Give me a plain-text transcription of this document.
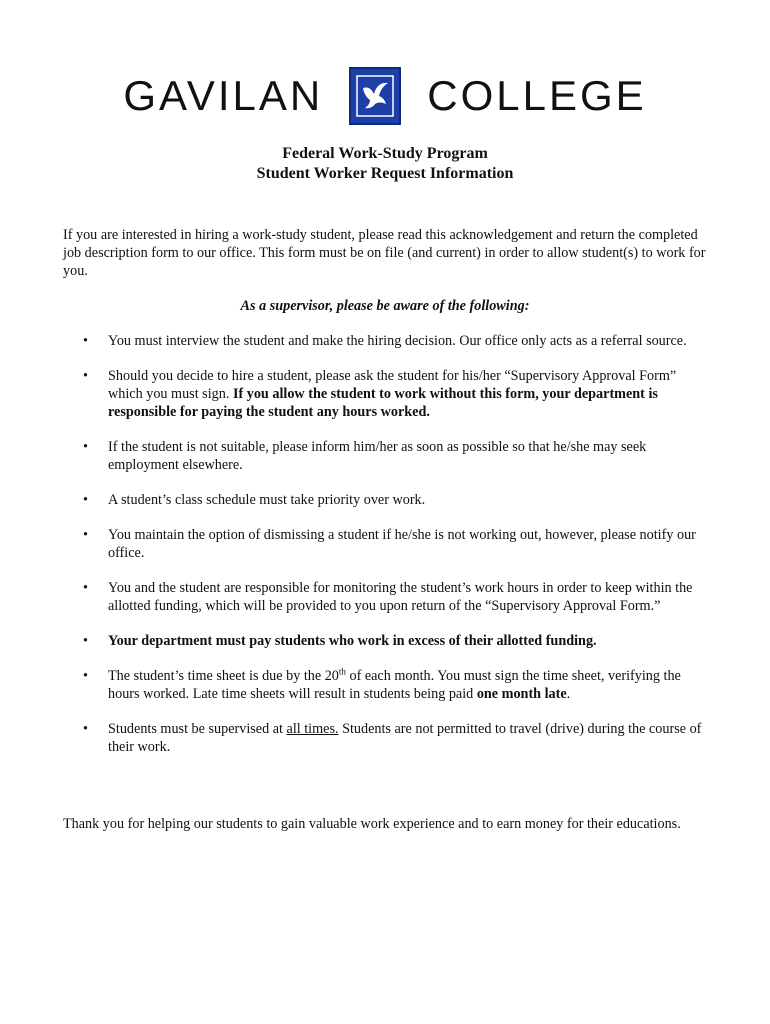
GAVILAN COLLEGE
Federal Work-Study Program
Student Worker Request Information
If you are interested in hiring a work-study student, please read this acknowledgement and return the completed job description form to our office. This form must be on file (and current) in order to allow student(s) to work for you.
As a supervisor, please be aware of the following:
• You must interview the student and make the hiring decision. Our office only acts as a referral source.
• Should you decide to hire a student, please ask the student for his/her “Supervisory Approval Form” which you must sign. If you allow the student to work without this form, your department is responsible for paying the student any hours worked.
• If the student is not suitable, please inform him/her as soon as possible so that he/she may seek employment elsewhere.
• A student’s class schedule must take priority over work.
• You maintain the option of dismissing a student if he/she is not working out, however, please notify our office.
• You and the student are responsible for monitoring the student’s work hours in order to keep within the allotted funding, which will be provided to you upon return of the “Supervisory Approval Form.”
• Your department must pay students who work in excess of their allotted funding.
• The student’s time sheet is due by the 20th of each month. You must sign the time sheet, verifying the hours worked. Late time sheets will result in students being paid one month late.
• Students must be supervised at all times. Students are not permitted to travel (drive) during the course of their work.
Thank you for helping our students to gain valuable work experience and to earn money for their educations.
